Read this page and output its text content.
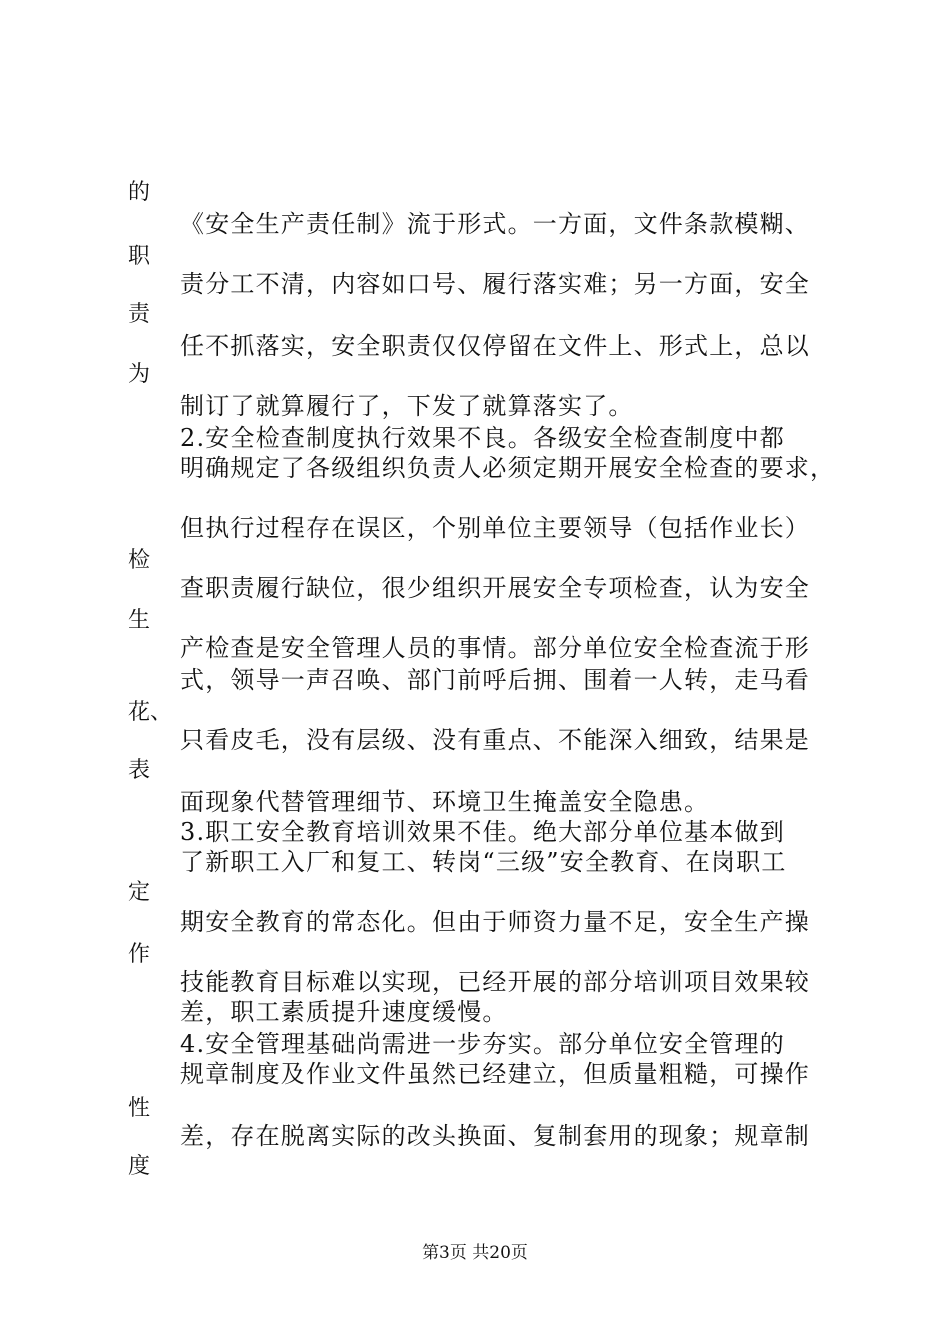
的
职
责
为
检
生
花、
表
定
作
性
度
《安全生产责任制》流于形式。一方面，文件条款模糊、
责分工不清，内容如口号、履行落实难；另一方面，安全
任不抓落实，安全职责仅仅停留在文件上、形式上，总以
制订了就算履行了，下发了就算落实了。
2.安全检查制度执行效果不良。各级安全检查制度中都
明确规定了各级组织负责人必须定期开展安全检查的要求，
但执行过程存在误区，个别单位主要领导（包括作业长）
查职责履行缺位，很少组织开展安全专项检查，认为安全
产检查是安全管理人员的事情。部分单位安全检查流于形
式，领导一声召唤、部门前呼后拥、围着一人转，走马看
只看皮毛，没有层级、没有重点、不能深入细致，结果是
面现象代替管理细节、环境卫生掩盖安全隐患。
3.职工安全教育培训效果不佳。绝大部分单位基本做到
了新职工入厂和复工、转岗“三级”安全教育、在岗职工
期安全教育的常态化。但由于师资力量不足，安全生产操
技能教育目标难以实现，已经开展的部分培训项目效果较
差，职工素质提升速度缓慢。
4.安全管理基础尚需进一步夯实。部分单位安全管理的
规章制度及作业文件虽然已经建立，但质量粗糙，可操作
差，存在脱离实际的改头换面、复制套用的现象；规章制
第3页 共20页
